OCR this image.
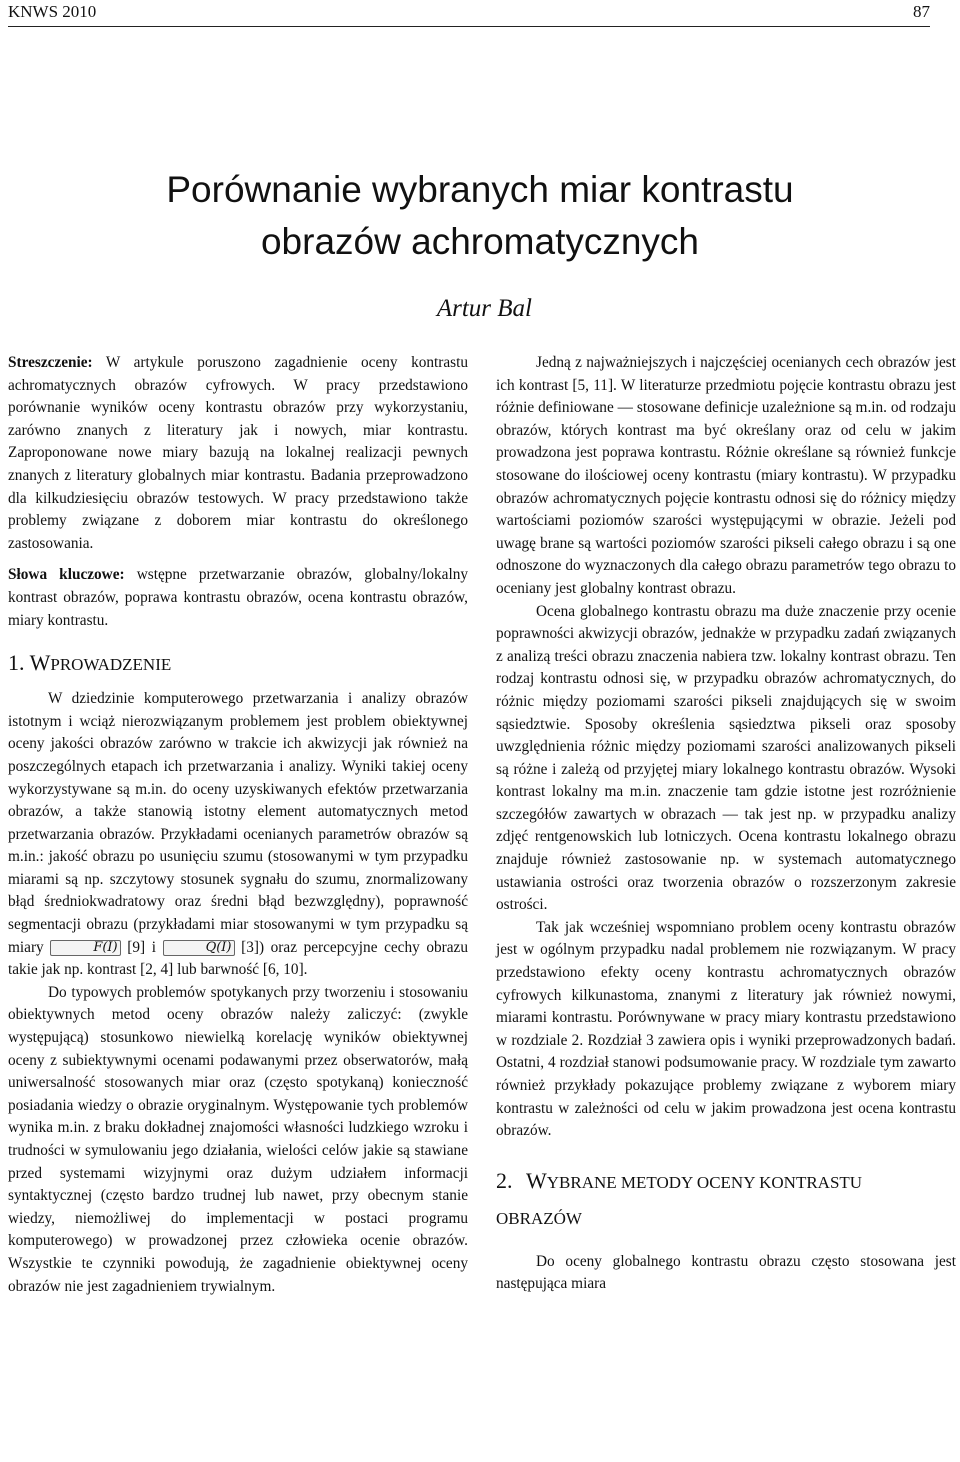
KNWS 2010	87
Porównanie wybranych miar kontrastu
obrazów achromatycznych
Artur Bal

Streszczenie: W artykule poruszono zagadnienie oceny kontrastu achromatycznych obrazów cyfrowych. W pracy przedstawiono porównanie wyników oceny kontrastu obrazów przy wykorzystaniu, zarówno znanych z literatury jak i nowych, miar kontrastu. Zaproponowane nowe miary bazują na lokalnej realizacji pewnych znanych z literatury globalnych miar kontrastu. Badania przeprowadzono dla kilkudziesięciu obrazów testowych. W pracy przedstawiono także problemy związane z doborem miar kontrastu do określonego zastosowania.

Słowa kluczowe: wstępne przetwarzanie obrazów, globalny/lokalny kontrast obrazów, poprawa kontrastu obrazów, ocena kontrastu obrazów, miary kontrastu.

1. WPROWADZENIE

W dziedzinie komputerowego przetwarzania i analizy obrazów istotnym i wciąż nierozwiązanym problemem jest problem obiektywnej oceny jakości obrazów zarówno w trakcie ich akwizycji jak również na poszczególnych etapach ich przetwarzania i analizy. Wyniki takiej oceny wykorzystywane są m.in. do oceny uzyskiwanych efektów przetwarzania obrazów, a także stanowią istotny element automatycznych metod przetwarzania obrazów. Przykładami ocenianych parametrów obrazów są m.in.: jakość obrazu po usunięciu szumu (stosowanymi w tym przypadku miarami są np. szczytowy stosunek sygnału do szumu, znormalizowany błąd średniokwadratowy oraz średni błąd bezwzględny), poprawność segmentacji obrazu (przykładami miar stosowanymi w tym przypadku są miary	F(I) [9] i	Q(I) [3]) oraz percepcyjne cechy obrazu takie jak np. kontrast [2, 4] lub barwność [6, 10].

Do typowych problemów spotykanych przy tworzeniu i stosowaniu obiektywnych metod oceny obrazów należy zaliczyć: (zwykle występującą) stosunkowo niewielką korelację wyników obiektywnej oceny z subiektywnymi ocenami podawanymi przez obserwatorów, małą uniwersalność stosowanych miar oraz (często spotykaną) konieczność posiadania wiedzy o obrazie oryginalnym. Występowanie tych problemów wynika m.in. z braku dokładnej znajomości własności ludzkiego wzroku i trudności w symulowaniu jego działania, wielości celów jakie są stawiane przed systemami wizyjnymi oraz dużym udziałem informacji syntaktycznej (często bardzo trudnej lub nawet, przy obecnym stanie wiedzy, niemożliwej do implementacji w postaci programu komputerowego) w prowadzonej przez człowieka ocenie obrazów. Wszystkie te czynniki powodują, że zagadnienie obiektywnej oceny obrazów nie jest zagadnieniem trywialnym.

Jedną z najważniejszych i najczęściej ocenianych cech obrazów jest ich kontrast [5, 11]. W literaturze przedmiotu pojęcie kontrastu obrazu jest różnie definiowane — stosowane definicje uzależnione są m.in. od rodzaju obrazów, których kontrast ma być określany oraz od celu w jakim prowadzona jest poprawa kontrastu. Różnie określane są również funkcje stosowane do ilościowej oceny kontrastu (miary kontrastu). W przypadku obrazów achromatycznych pojęcie kontrastu odnosi się do różnicy między wartościami poziomów szarości występującymi w obrazie. Jeżeli pod uwagę brane są wartości poziomów szarości pikseli całego obrazu i są one odnoszone do wyznaczonych dla całego obrazu parametrów tego obrazu to oceniany jest globalny kontrast obrazu.

Ocena globalnego kontrastu obrazu ma duże znaczenie przy ocenie poprawności akwizycji obrazów, jednakże w przypadku zadań związanych z analizą treści obrazu znaczenia nabiera tzw. lokalny kontrast obrazu. Ten rodzaj kontrastu odnosi się, w przypadku obrazów achromatycznych, do różnic między poziomami szarości pikseli znajdujących się w swoim sąsiedztwie. Sposoby określenia sąsiedztwa pikseli oraz sposoby uwzględnienia różnic między poziomami szarości analizowanych pikseli są różne i zależą od przyjętej miary lokalnego kontrastu obrazów. Wysoki kontrast lokalny ma m.in. znaczenie tam gdzie istotne jest rozróżnienie szczegółów zawartych w obrazach — tak jest np. w przypadku analizy zdjęć rentgenowskich lub lotniczych. Ocena kontrastu lokalnego obrazu znajduje również zastosowanie np. w systemach automatycznego ustawiania ostrości oraz tworzenia obrazów o rozszerzonym zakresie ostrości.

Tak jak wcześniej wspomniano problem oceny kontrastu obrazów jest w ogólnym przypadku nadal problemem nie rozwiązanym. W pracy przedstawiono efekty oceny kontrastu achromatycznych obrazów cyfrowych kilkunastoma, znanymi z literatury jak również nowymi, miarami kontrastu. Porównywane w pracy miary kontrastu przedstawiono w rozdziale 2. Rozdział 3 zawiera opis i wyniki przeprowadzonych badań. Ostatni, 4 rozdział stanowi podsumowanie pracy. W rozdziale tym zawarto również przykłady pokazujące problemy związane z wyborem miary kontrastu w zależności od celu w jakim prowadzona jest ocena kontrastu obrazów.

2. WYBRANE METODY OCENY KONTRASTU
OBRAZÓW

Do oceny globalnego kontrastu obrazu często stosowana jest następująca miara
